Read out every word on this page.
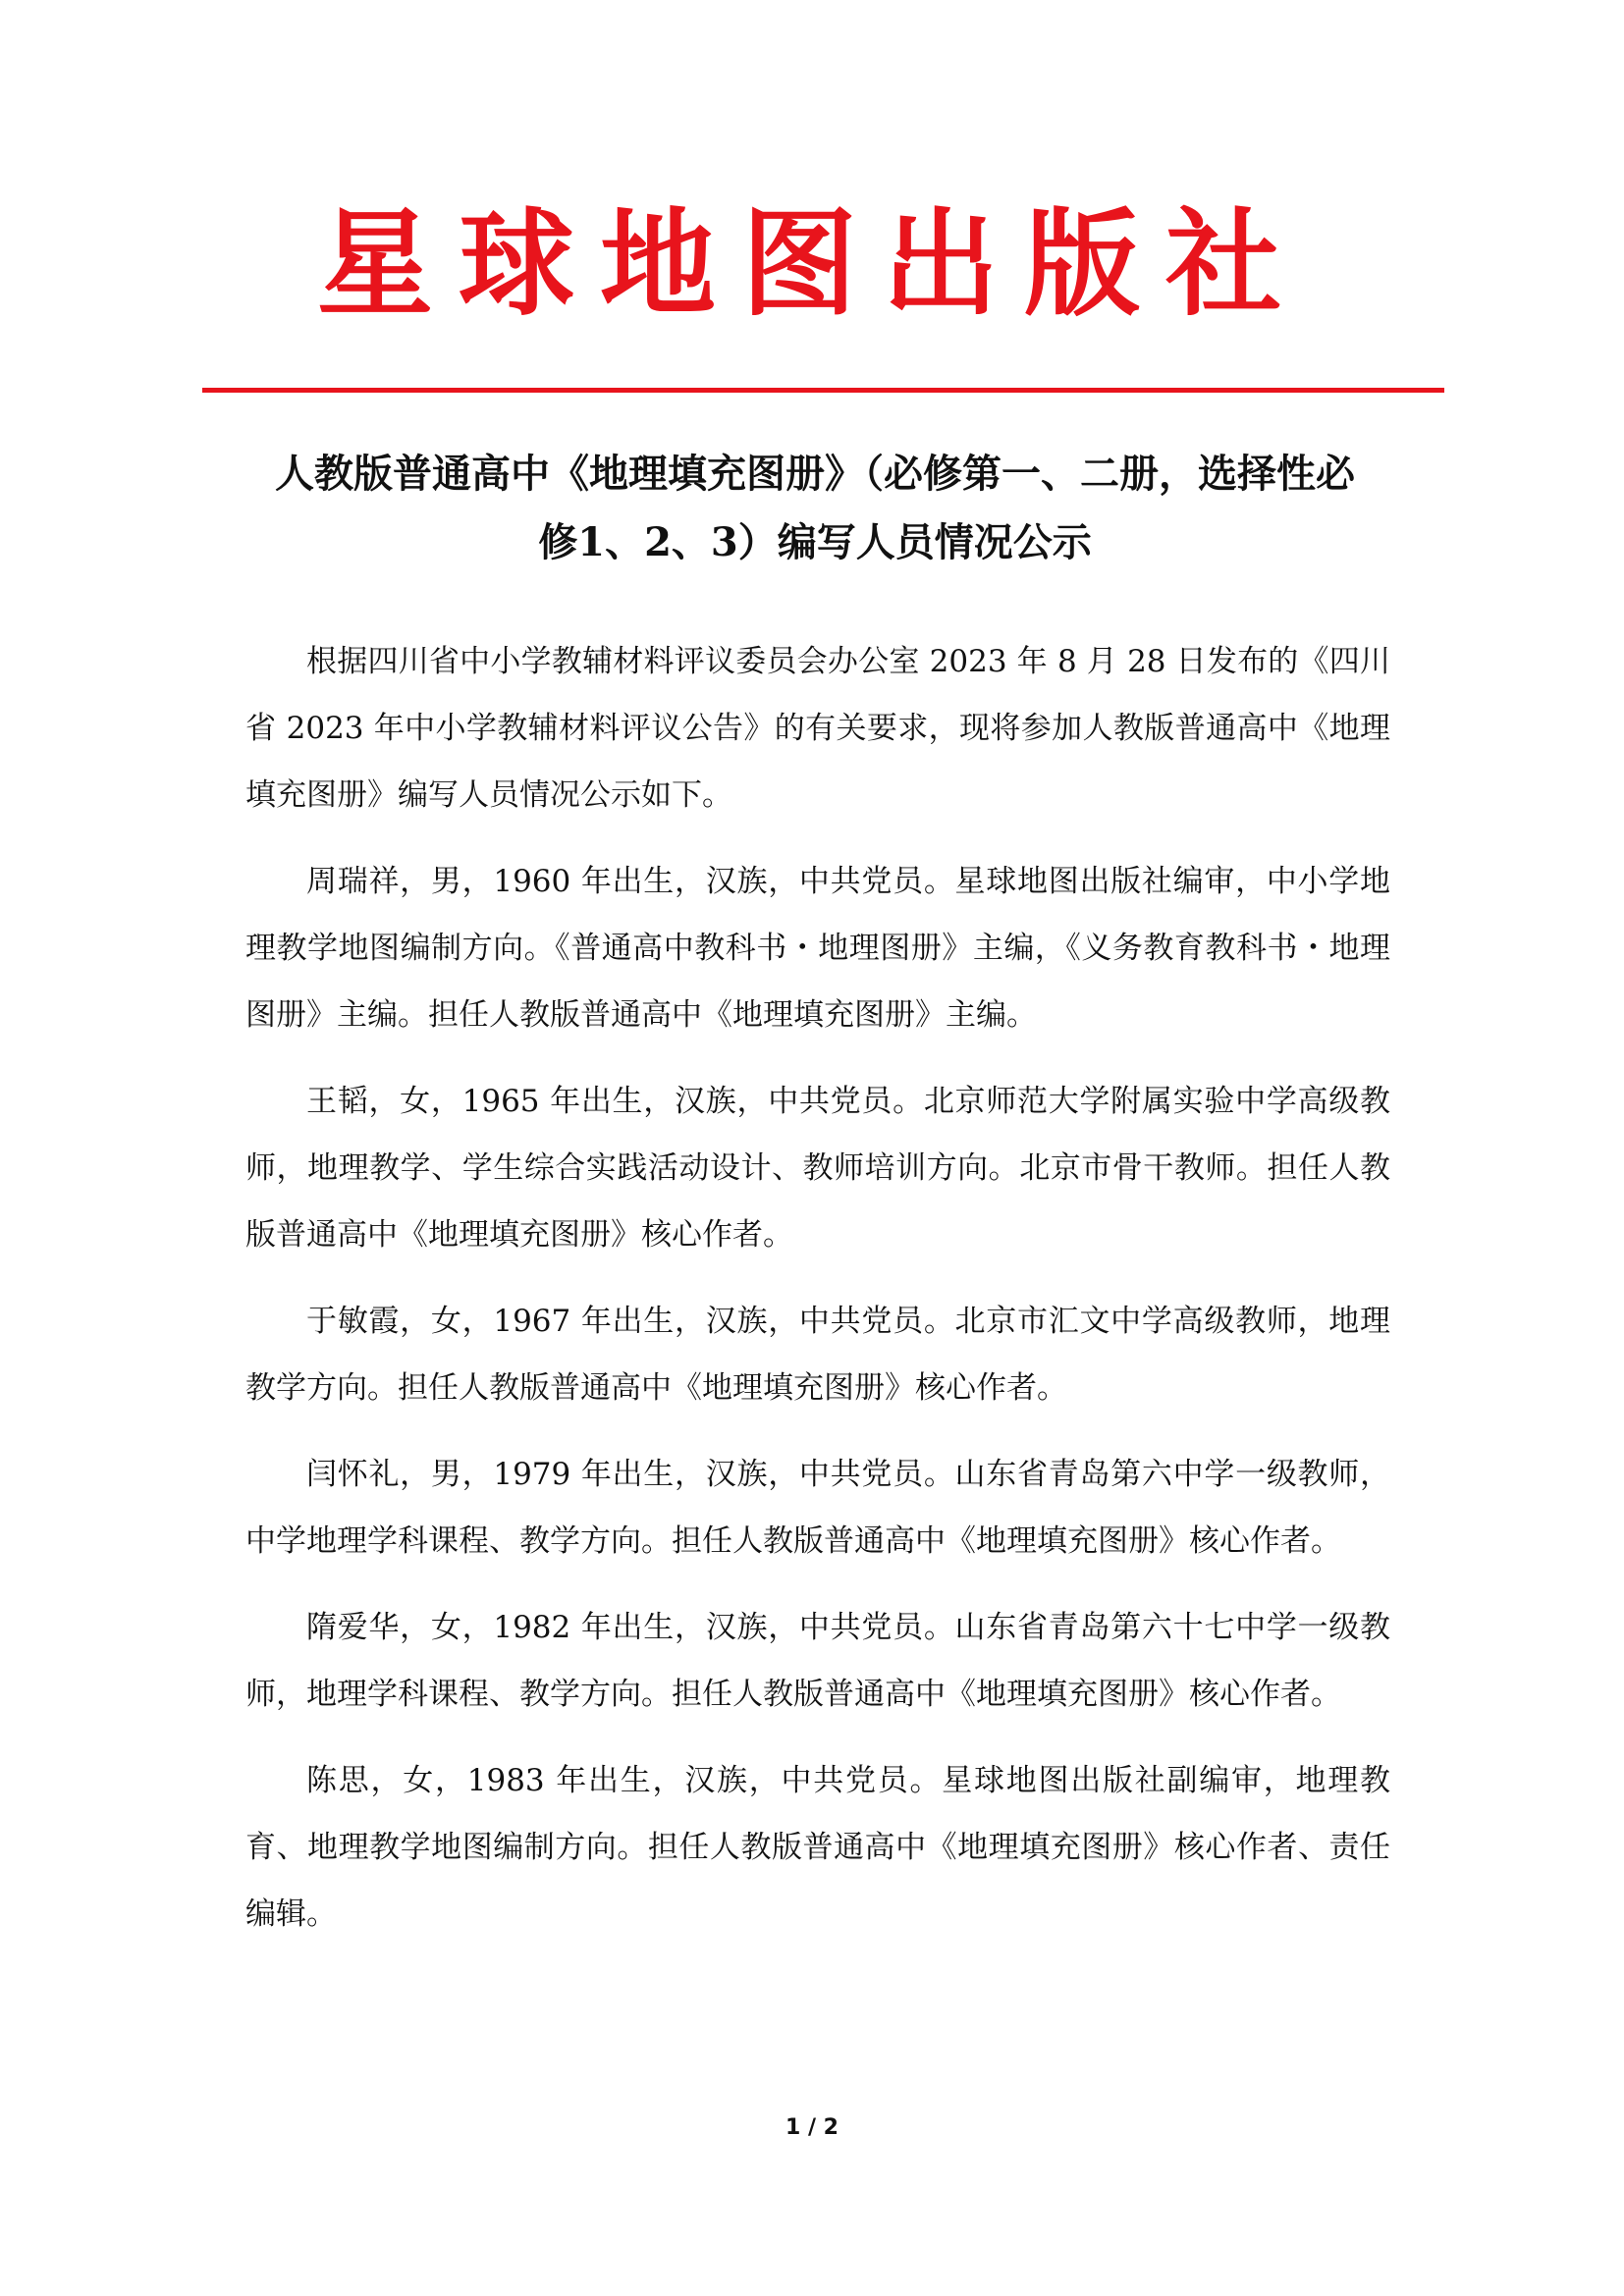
星球地图出版社
人教版普通高中《地理填充图册》（必修第一、二册，选择性必
修1、2、3）编写人员情况公示

根据四川省中小学教辅材料评议委员会办公室 2023 年 8 月 28 日发布的《四川省 2023 年中小学教辅材料评议公告》的有关要求，现将参加人教版普通高中《地理填充图册》编写人员情况公示如下。

周瑞祥，男，1960 年出生，汉族，中共党员。星球地图出版社编审，中小学地理教学地图编制方向。《普通高中教科书・地理图册》主编，《义务教育教科书・地理图册》主编。担任人教版普通高中《地理填充图册》主编。

王韬，女，1965 年出生，汉族，中共党员。北京师范大学附属实验中学高级教师，地理教学、学生综合实践活动设计、教师培训方向。北京市骨干教师。担任人教版普通高中《地理填充图册》核心作者。

于敏霞，女，1967 年出生，汉族，中共党员。北京市汇文中学高级教师，地理教学方向。担任人教版普通高中《地理填充图册》核心作者。

闫怀礼，男，1979 年出生，汉族，中共党员。山东省青岛第六中学一级教师，中学地理学科课程、教学方向。担任人教版普通高中《地理填充图册》核心作者。

隋爱华，女，1982 年出生，汉族，中共党员。山东省青岛第六十七中学一级教师，地理学科课程、教学方向。担任人教版普通高中《地理填充图册》核心作者。

陈思，女，1983 年出生，汉族，中共党员。星球地图出版社副编审，地理教育、地理教学地图编制方向。担任人教版普通高中《地理填充图册》核心作者、责任编辑。

1 / 2
